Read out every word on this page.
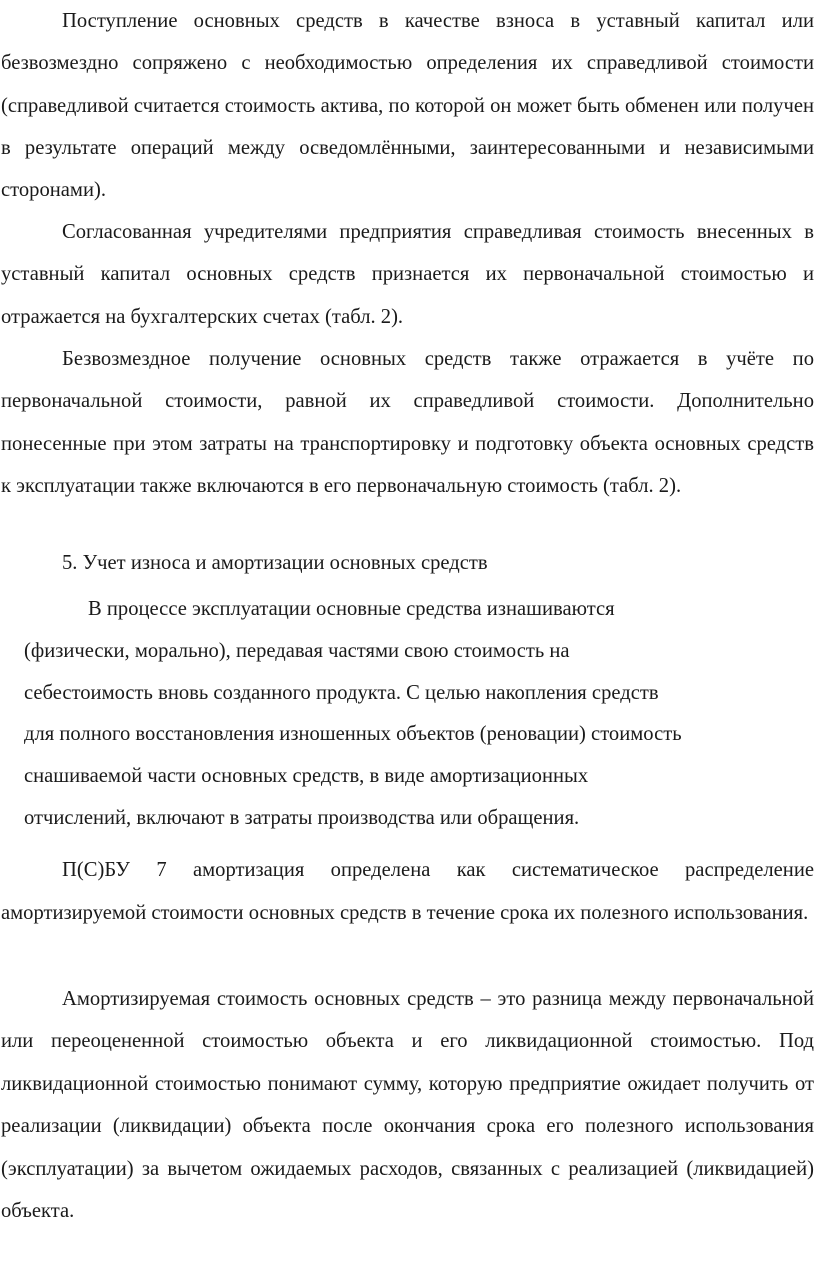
Поступление основных средств в качестве взноса в уставный капитал или безвозмездно сопряжено с необходимостью определения их справедливой стоимости (справедливой считается стоимость актива, по которой он может быть обменен или получен в результате операций между осведомлёнными, заинтересованными и независимыми сторонами).

Согласованная учредителями предприятия справедливая стоимость внесенных в уставный капитал основных средств признается их первоначальной стоимостью и отражается на бухгалтерских счетах (табл. 2).

Безвозмездное получение основных средств также отражается в учёте по первоначальной стоимости, равной их справедливой стоимости. Дополнительно понесенные при этом затраты на транспортировку и подготовку объекта основных средств к эксплуатации также включаются в его первоначальную стоимость (табл. 2).

5. Учет износа и амортизации основных средств

В процессе эксплуатации основные средства изнашиваются
(физически, морально), передавая частями свою стоимость на
себестоимость вновь созданного продукта. С целью накопления средств
для полного восстановления изношенных объектов (реновации) стоимость
снашиваемой части основных средств, в виде амортизационных
отчислений, включают в затраты производства или обращения.

П(С)БУ 7 амортизация определена как систематическое распределение амортизируемой стоимости основных средств в течение срока их полезного использования.

Амортизируемая стоимость основных средств – это разница между первоначальной или переоцененной стоимостью объекта и его ликвидационной стоимостью. Под ликвидационной стоимостью понимают сумму, которую предприятие ожидает получить от реализации (ликвидации) объекта после окончания срока его полезного использования (эксплуатации) за вычетом ожидаемых расходов, связанных с реализацией (ликвидацией) объекта.
